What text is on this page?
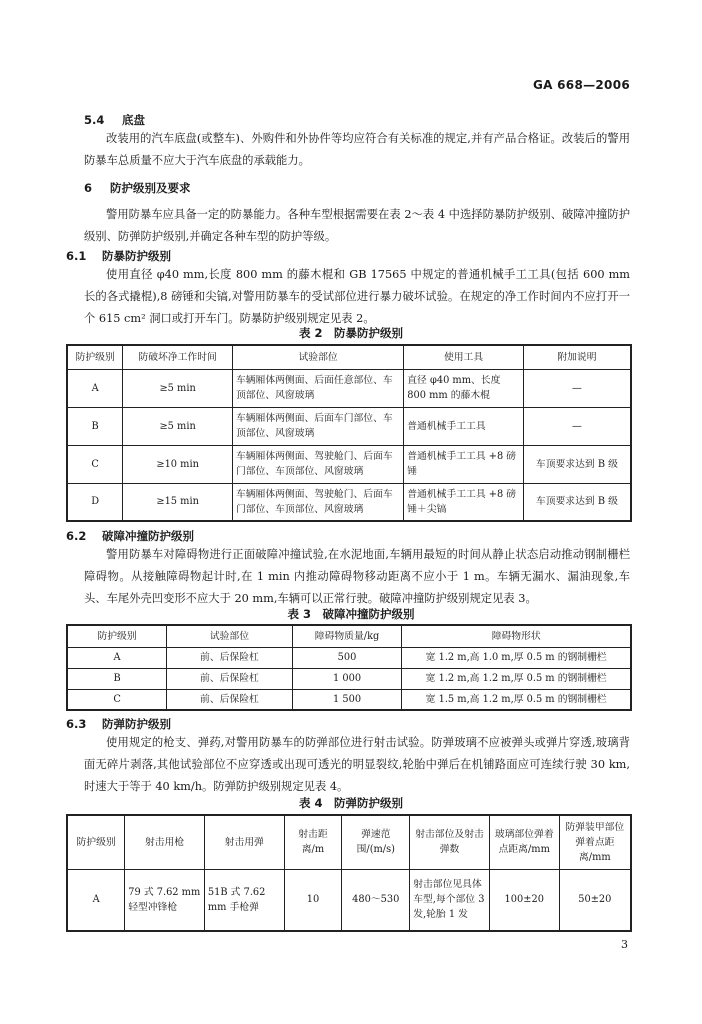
GA 668—2006
5.4 底盘
改装用的汽车底盘(或整车)、外购件和外协件等均应符合有关标准的规定,并有产品合格证。改装后的警用防暴车总质量不应大于汽车底盘的承载能力。
6 防护级别及要求
警用防暴车应具备一定的防暴能力。各种车型根据需要在表 2～表 4 中选择防暴防护级别、破障冲撞防护级别、防弹防护级别,并确定各种车型的防护等级。
6.1 防暴防护级别
使用直径 φ40 mm,长度 800 mm 的藤木棍和 GB 17565 中规定的普通机械手工工具(包括 600 mm 长的各式撬棍),8 磅锤和尖镐,对警用防暴车的受试部位进行暴力破坏试验。在规定的净工作时间内不应打开一个 615 cm² 洞口或打开车门。防暴防护级别规定见表 2。
表 2　防暴防护级别
防护级别	防破坏净工作时间	试验部位	使用工具	附加说明
A	≥5 min	车辆厢体两侧面、后面任意部位、车顶部位、风窗玻璃	直径 φ40 mm、长度 800 mm 的藤木棍	—
B	≥5 min	车辆厢体两侧面、后面车门部位、车顶部位、风窗玻璃	普通机械手工工具	—
C	≥10 min	车辆厢体两侧面、驾驶舱门、后面车门部位、车顶部位、风窗玻璃	普通机械手工工具 +8 磅锤	车顶要求达到 B 级
D	≥15 min	车辆厢体两侧面、驾驶舱门、后面车门部位、车顶部位、风窗玻璃	普通机械手工工具 +8 磅锤＋尖镐	车顶要求达到 B 级
6.2 破障冲撞防护级别
警用防暴车对障碍物进行正面破障冲撞试验,在水泥地面,车辆用最短的时间从静止状态启动推动钢制栅栏障碍物。从接触障碍物起计时,在 1 min 内推动障碍物移动距离不应小于 1 m。车辆无漏水、漏油现象,车头、车尾外壳凹变形不应大于 20 mm,车辆可以正常行驶。破障冲撞防护级别规定见表 3。
表 3　破障冲撞防护级别
防护级别	试验部位	障碍物质量/kg	障碍物形状
A	前、后保险杠	500	宽 1.2 m,高 1.0 m,厚 0.5 m 的钢制栅栏
B	前、后保险杠	1 000	宽 1.2 m,高 1.2 m,厚 0.5 m 的钢制栅栏
C	前、后保险杠	1 500	宽 1.5 m,高 1.2 m,厚 0.5 m 的钢制栅栏
6.3 防弹防护级别
使用规定的枪支、弹药,对警用防暴车的防弹部位进行射击试验。防弹玻璃不应被弹头或弹片穿透,玻璃背面无碎片剥落,其他试验部位不应穿透或出现可透光的明显裂纹,轮胎中弹后在机铺路面应可连续行驶 30 km,时速大于等于 40 km/h。防弹防护级别规定见表 4。
表 4　防弹防护级别
防护级别	射击用枪	射击用弹	射击距离/m	弹速范围/(m/s)	射击部位及射击弹数	玻璃部位弹着点距离/mm	防弹装甲部位弹着点距离/mm
A	79 式 7.62 mm 轻型冲锋枪	51B 式 7.62 mm 手枪弹	10	480～530	射击部位见具体车型,每个部位 3 发,轮胎 1 发	100±20	50±20
3
